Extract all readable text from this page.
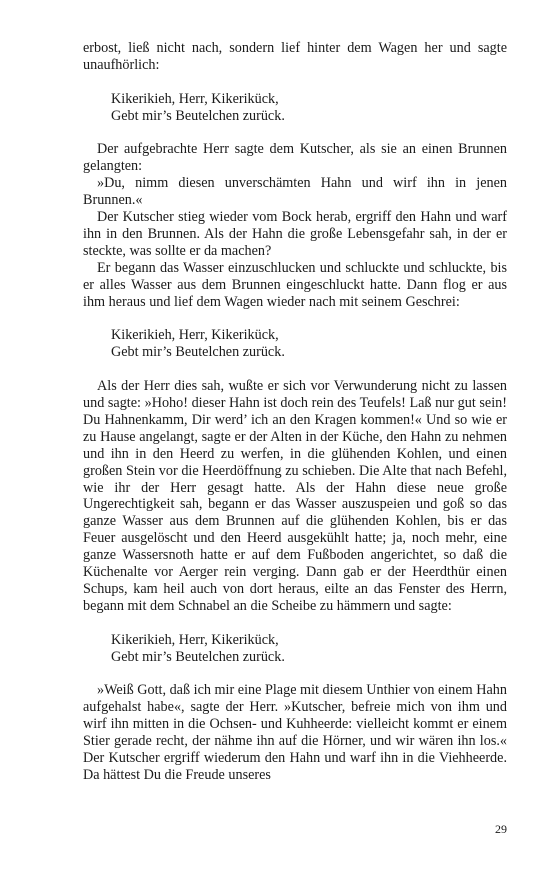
erbost, ließ nicht nach, sondern lief hinter dem Wagen her und sagte unaufhörlich:

Kikerikieh, Herr, Kikerikück,
Gebt mir’s Beutelchen zurück.

Der aufgebrachte Herr sagte dem Kutscher, als sie an einen Brunnen gelangten:

»Du, nimm diesen unverschämten Hahn und wirf ihn in jenen Brunnen.«

Der Kutscher stieg wieder vom Bock herab, ergriff den Hahn und warf ihn in den Brunnen. Als der Hahn die große Lebensgefahr sah, in der er steckte, was sollte er da machen?

Er begann das Wasser einzuschlucken und schluckte und schluckte, bis er alles Wasser aus dem Brunnen eingeschluckt hatte. Dann flog er aus ihm heraus und lief dem Wagen wieder nach mit seinem Geschrei:

Kikerikieh, Herr, Kikerikück,
Gebt mir’s Beutelchen zurück.

Als der Herr dies sah, wußte er sich vor Verwunderung nicht zu lassen und sagte: »Hoho! dieser Hahn ist doch rein des Teufels! Laß nur gut sein! Du Hahnenkamm, Dir werd’ ich an den Kragen kommen!« Und so wie er zu Hause angelangt, sagte er der Alten in der Küche, den Hahn zu nehmen und ihn in den Heerd zu werfen, in die glühenden Kohlen, und einen großen Stein vor die Heerdöffnung zu schieben. Die Alte that nach Befehl, wie ihr der Herr gesagt hatte. Als der Hahn diese neue große Ungerechtigkeit sah, begann er das Wasser auszuspeien und goß so das ganze Wasser aus dem Brunnen auf die glühenden Kohlen, bis er das Feuer ausgelöscht und den Heerd ausgekühlt hatte; ja, noch mehr, eine ganze Wassersnoth hatte er auf dem Fußboden angerichtet, so daß die Küchenalte vor Aerger rein verging. Dann gab er der Heerdthür einen Schups, kam heil auch von dort heraus, eilte an das Fenster des Herrn, begann mit dem Schnabel an die Scheibe zu hämmern und sagte:

Kikerikieh, Herr, Kikerikück,
Gebt mir’s Beutelchen zurück.

»Weiß Gott, daß ich mir eine Plage mit diesem Unthier von einem Hahn aufgehalst habe«, sagte der Herr. »Kutscher, befreie mich von ihm und wirf ihn mitten in die Ochsen- und Kuhheerde: vielleicht kommt er einem Stier gerade recht, der nähme ihn auf die Hörner, und wir wären ihn los.« Der Kutscher ergriff wiederum den Hahn und warf ihn in die Viehheerde. Da hättest Du die Freude unseres

29
